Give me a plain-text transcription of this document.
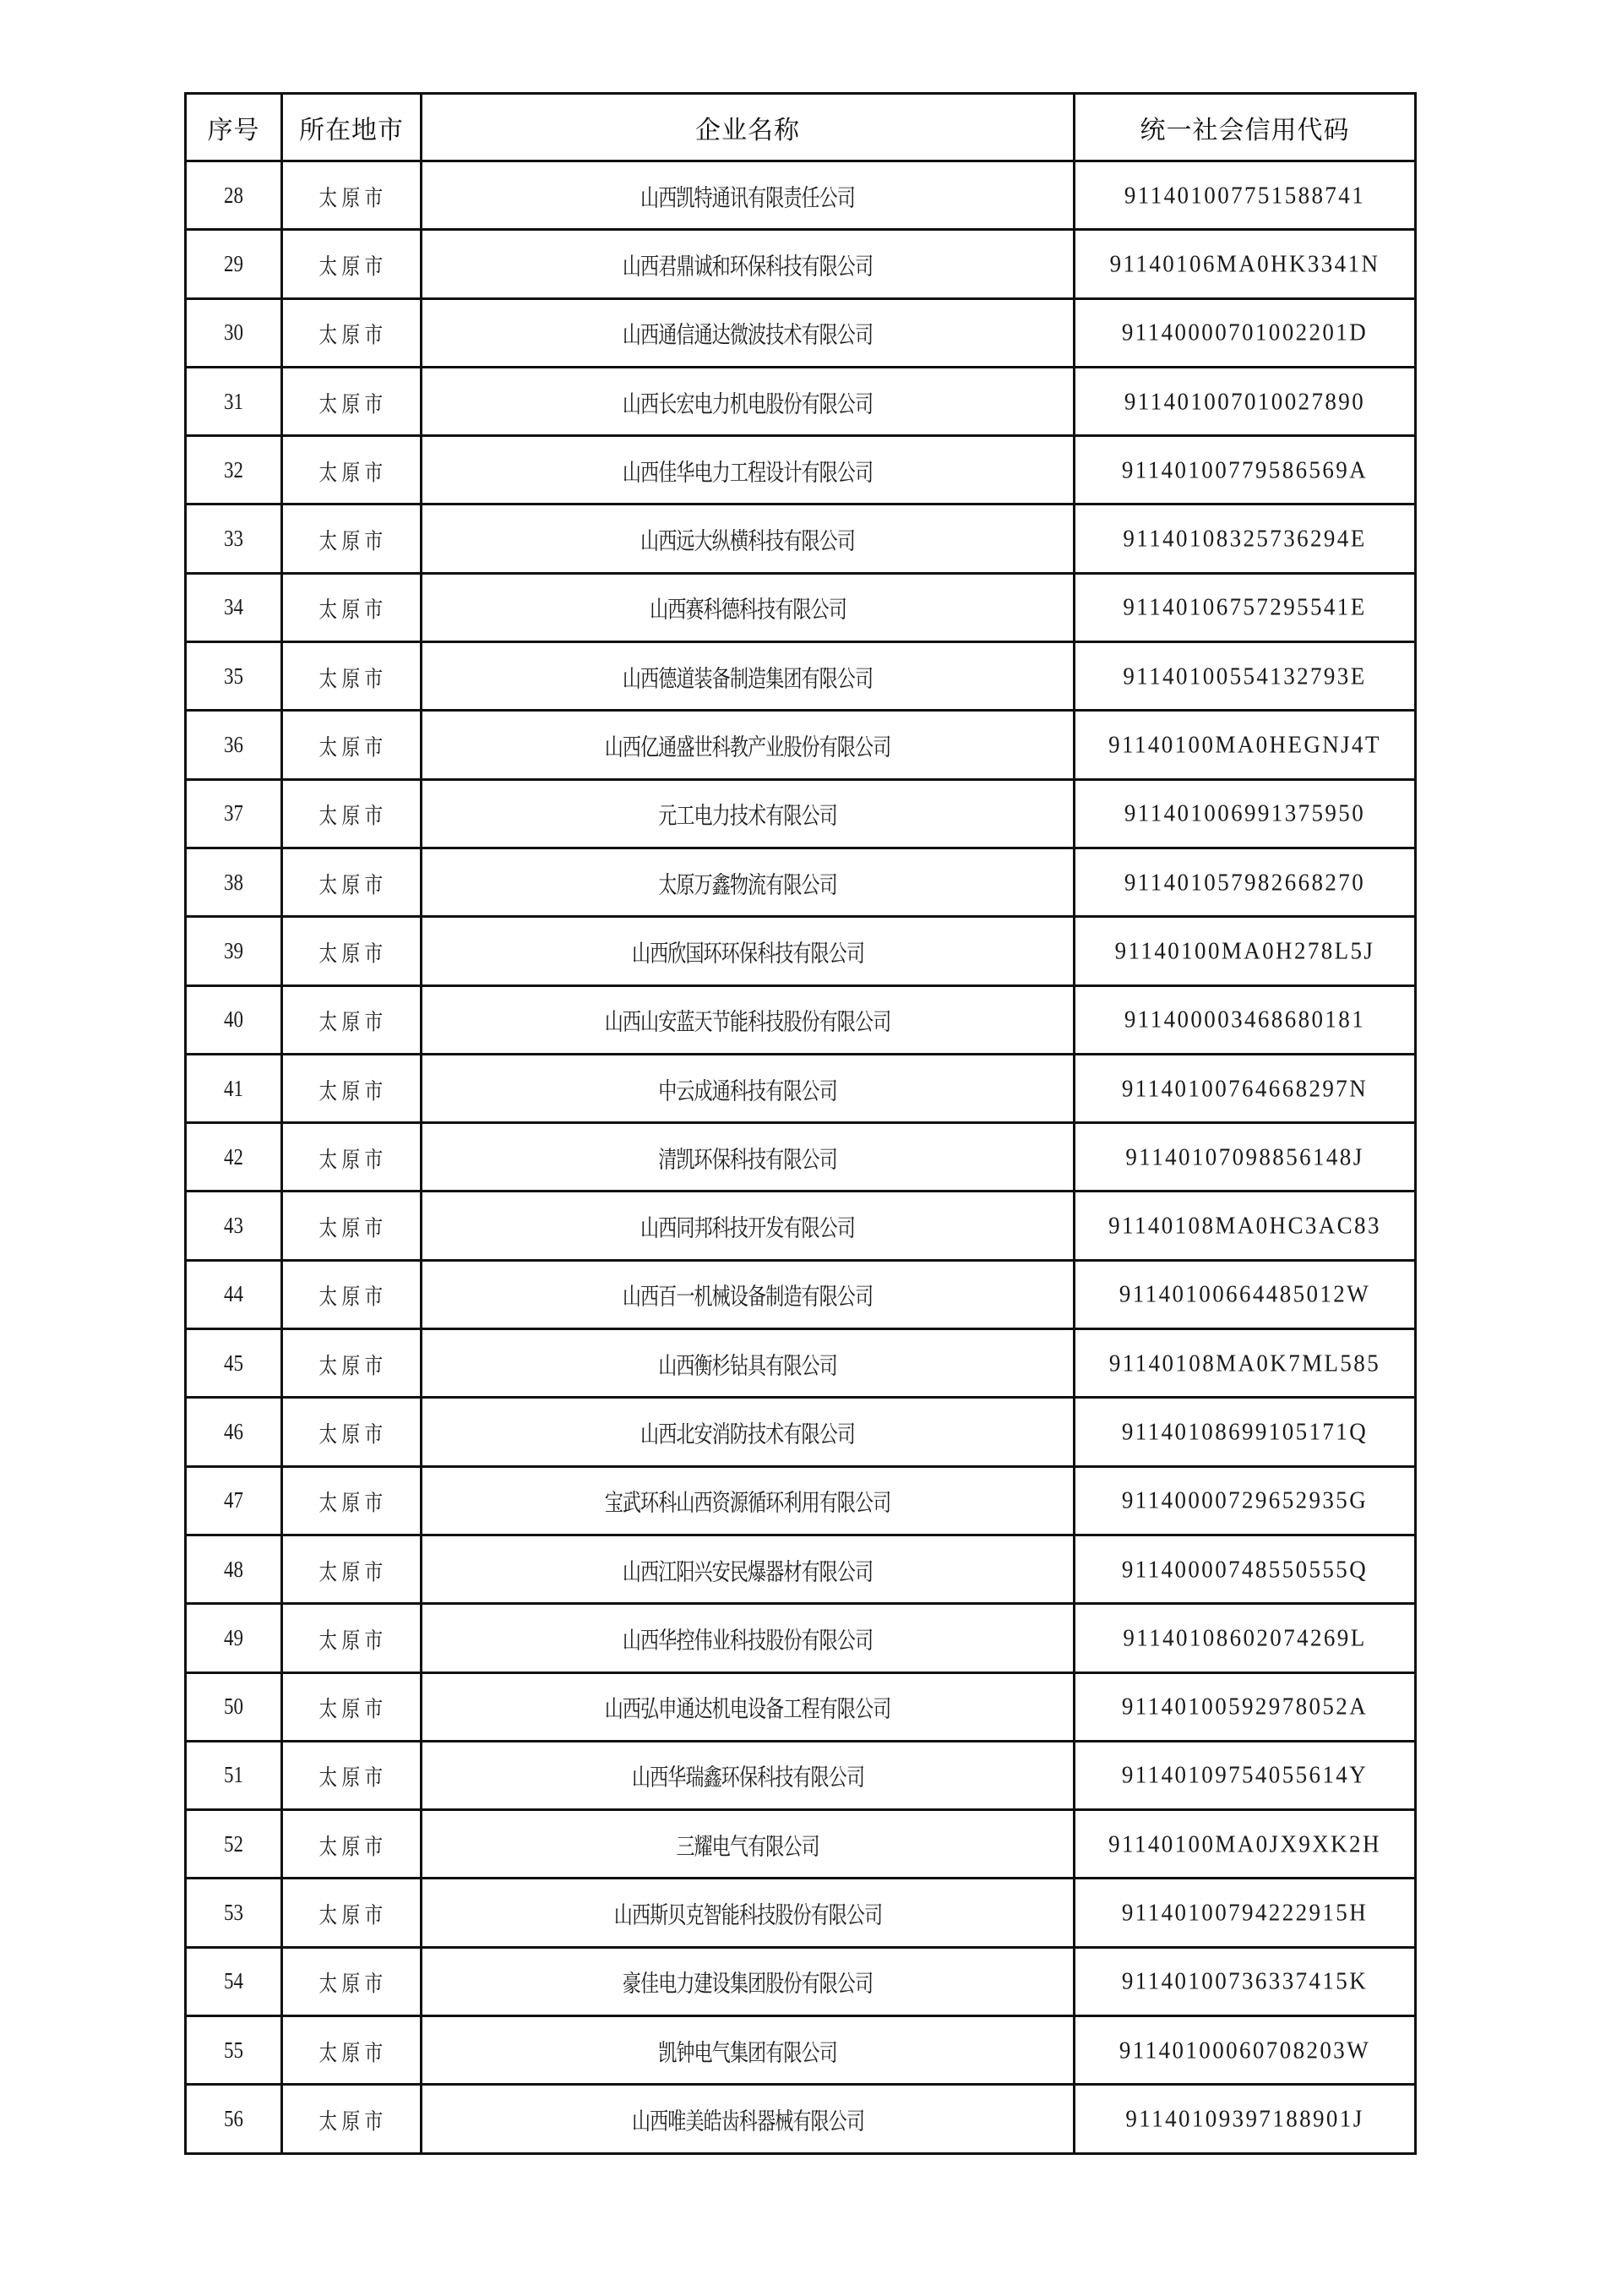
序号	所在地市	企业名称	统一社会信用代码
28	太原市	山西凯特通讯有限责任公司	911401007751588741
29	太原市	山西君鼎诚和环保科技有限公司	91140106MA0HK3341N
30	太原市	山西通信通达微波技术有限公司	91140000701002201D
31	太原市	山西长宏电力机电股份有限公司	911401007010027890
32	太原市	山西佳华电力工程设计有限公司	91140100779586569A
33	太原市	山西远大纵横科技有限公司	91140108325736294E
34	太原市	山西赛科德科技有限公司	91140106757295541E
35	太原市	山西德道装备制造集团有限公司	91140100554132793E
36	太原市	山西亿通盛世科教产业股份有限公司	91140100MA0HEGNJ4T
37	太原市	元工电力技术有限公司	911401006991375950
38	太原市	太原万鑫物流有限公司	911401057982668270
39	太原市	山西欣国环环保科技有限公司	91140100MA0H278L5J
40	太原市	山西山安蓝天节能科技股份有限公司	911400003468680181
41	太原市	中云成通科技有限公司	91140100764668297N
42	太原市	清凯环保科技有限公司	91140107098856148J
43	太原市	山西同邦科技开发有限公司	91140108MA0HC3AC83
44	太原市	山西百一机械设备制造有限公司	91140100664485012W
45	太原市	山西衡杉钻具有限公司	91140108MA0K7ML585
46	太原市	山西北安消防技术有限公司	91140108699105171Q
47	太原市	宝武环科山西资源循环利用有限公司	91140000729652935G
48	太原市	山西江阳兴安民爆器材有限公司	91140000748550555Q
49	太原市	山西华控伟业科技股份有限公司	91140108602074269L
50	太原市	山西弘申通达机电设备工程有限公司	91140100592978052A
51	太原市	山西华瑞鑫环保科技有限公司	91140109754055614Y
52	太原市	三耀电气有限公司	91140100MA0JX9XK2H
53	太原市	山西斯贝克智能科技股份有限公司	91140100794222915H
54	太原市	豪佳电力建设集团股份有限公司	91140100736337415K
55	太原市	凯钟电气集团有限公司	91140100060708203W
56	太原市	山西唯美皓齿科器械有限公司	91140109397188901J
